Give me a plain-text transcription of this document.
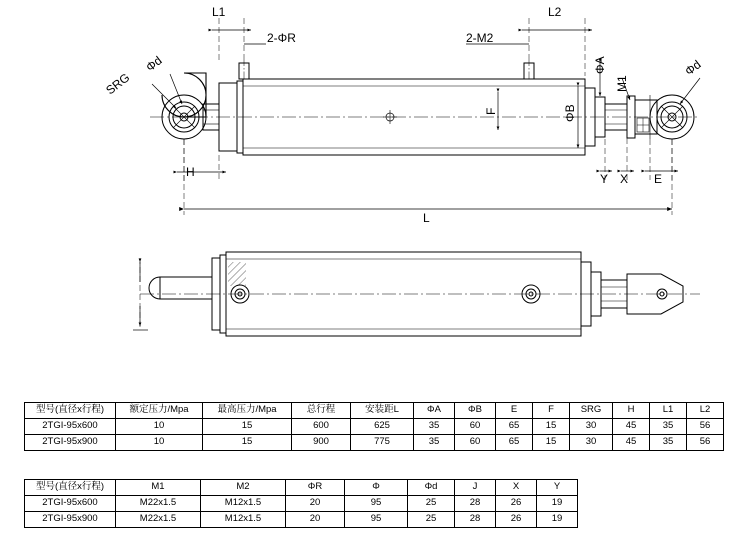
L1	L2
2-ΦR	2-M2
SRG
Φd	Φd
ΦA
ΦB
F
M1
H	Y X E
L
型号(直径x行程)	额定压力/Mpa	最高压力/Mpa	总行程	安装距L	ΦA	ΦB	E	F	SRG	H	L1	L2
2TGI-95x600	10	15	600	625	35	60	65	15	30	45	35	56
2TGI-95x900	10	15	900	775	35	60	65	15	30	45	35	56
型号(直径x行程)	M1	M2	ΦR	Φ	Φd	J	X	Y
2TGI-95x600	M22x1.5	M12x1.5	20	95	25	28	26	19
2TGI-95x900	M22x1.5	M12x1.5	20	95	25	28	26	19
